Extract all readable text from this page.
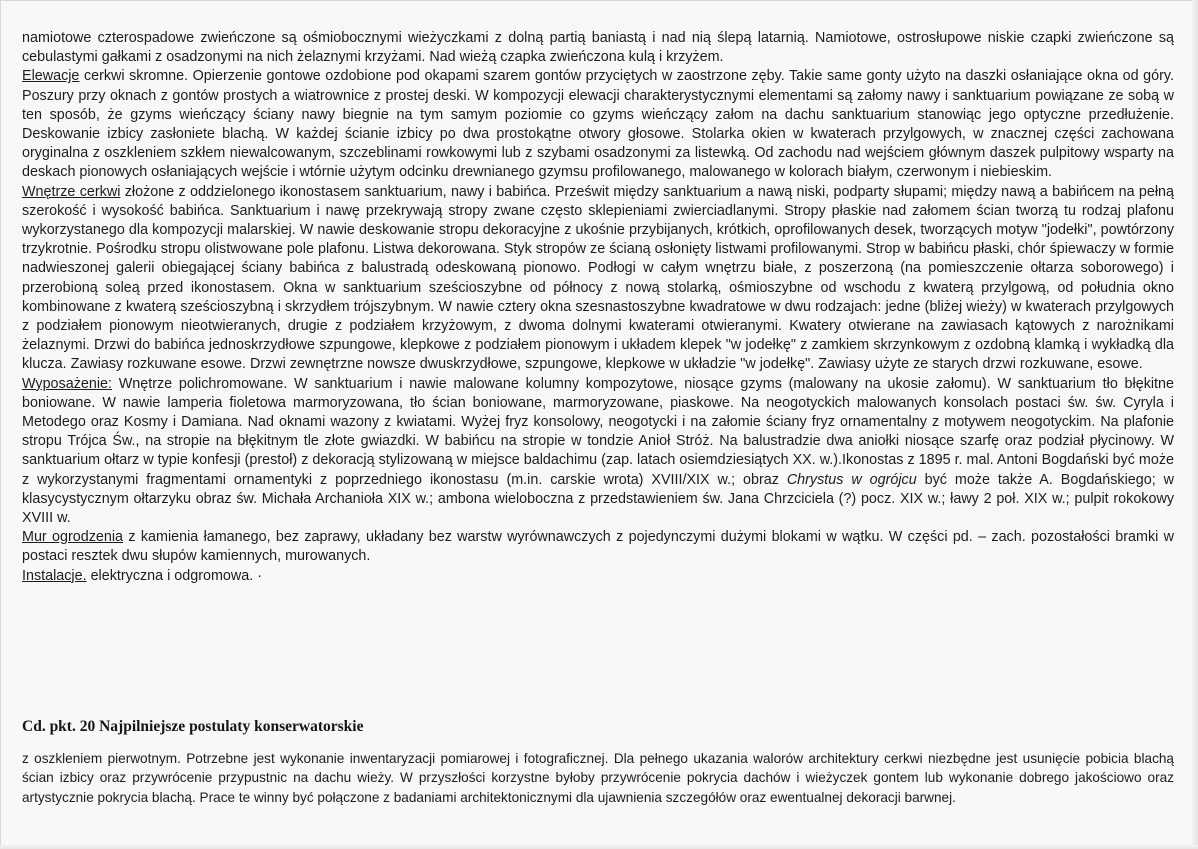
namiotowe czterospadowe zwieńczone są ośmiobocznymi wieżyczkami z dolną partią baniastą i nad nią ślepą latarnią. Namiotowe, ostrosłupowe niskie czapki zwieńczone są cebulastymi gałkami z osadzonymi na nich żelaznymi krzyżami. Nad wieżą czapka zwieńczona kulą i krzyżem.

Elewacje cerkwi skromne. Opierzenie gontowe ozdobione pod okapami szarem gontów przyciętych w zaostrzone zęby. Takie same gonty użyto na daszki osłaniające okna od góry. Poszury przy oknach z gontów prostych a wiatrownice z prostej deski. W kompozycji elewacji charakterystycznymi elementami są załomy nawy i sanktuarium powiązane ze sobą w ten sposób, że gzyms wieńczący ściany nawy biegnie na tym samym poziomie co gzyms wieńczący załom na dachu sanktuarium stanowiąc jego optyczne przedłużenie. Deskowanie izbicy zasłoniete blachą. W każdej ścianie izbicy po dwa prostokątne otwory głosowe. Stolarka okien w kwaterach przylgowych, w znacznej części zachowana oryginalna z oszkleniem szkłem niewalcowanym, szczeblinami rowkowymi lub z szybami osadzonymi za listewką. Od zachodu nad wejściem głównym daszek pulpitowy wsparty na deskach pionowych osłaniających wejście i wtórnie użytym odcinku drewnianego gzymsu profilowanego, malowanego w kolorach białym, czerwonym i niebieskim.

Wnętrze cerkwi złożone z oddzielonego ikonostasem sanktuarium, nawy i babińca. Prześwit między sanktuarium a nawą niski, podparty słupami; między nawą a babińcem na pełną szerokość i wysokość babińca. Sanktuarium i nawę przekrywają stropy zwane często sklepieniami zwierciadlanymi. Stropy płaskie nad załomem ścian tworzą tu rodzaj plafonu wykorzystanego dla kompozycji malarskiej. W nawie deskowanie stropu dekoracyjne z ukośnie przybijanych, krótkich, oprofilowanych desek, tworzących motyw "jodełki", powtórzony trzykrotnie. Pośrodku stropu olistwowane pole plafonu. Listwa dekorowana. Styk stropów ze ścianą osłonięty listwami profilowanymi. Strop w babińcu płaski, chór śpiewaczy w formie nadwieszonej galerii obiegającej ściany babińca z balustradą odeskowaną pionowo. Podłogi w całym wnętrzu białe, z poszerzoną (na pomieszczenie ołtarza soborowego) i przerobioną soleą przed ikonostasem. Okna w sanktuarium sześcioszybne od północy z nową stolarką, ośmioszybne od wschodu z kwaterą przylgową, od południa okno kombinowane z kwaterą sześcioszybną i skrzydłem trójszybnym. W nawie cztery okna szesnastoszybne kwadratowe w dwu rodzajach: jedne (bliżej wieży) w kwaterach przylgowych z podziałem pionowym nieotwieranych, drugie z podziałem krzyżowym, z dwoma dolnymi kwaterami otwieranymi. Kwatery otwierane na zawiasach kątowych z narożnikami żelaznymi. Drzwi do babińca jednoskrzydłowe szpungowe, klepkowe z podziałem pionowym i układem klepek "w jodełkę" z zamkiem skrzynkowym z ozdobną klamką i wykładką dla klucza. Zawiasy rozkuwane esowe. Drzwi zewnętrzne nowsze dwuskrzydłowe, szpungowe, klepkowe w układzie "w jodełkę". Zawiasy użyte ze starych drzwi rozkuwane, esowe.

Wyposażenie: Wnętrze polichromowane. W sanktuarium i nawie malowane kolumny kompozytowe, niosące gzyms (malowany na ukosie załomu). W sanktuarium tło błękitne boniowane. W nawie lamperia fioletowa marmoryzowana, tło ścian boniowane, marmoryzowane, piaskowe. Na neogotyckich malowanych konsolach postaci św. św. Cyryla i Metodego oraz Kosmy i Damiana. Nad oknami wazony z kwiatami. Wyżej fryz konsolowy, neogotycki i na załomie ściany fryz ornamentalny z motywem neogotyckim. Na plafonie stropu Trójca Św., na stropie na błękitnym tle złote gwiazdki. W babińcu na stropie w tondzie Anioł Stróż. Na balustradzie dwa aniołki niosące szarfę oraz podział płycinowy. W sanktuarium ołtarz w typie konfesji (prestoł) z dekoracją stylizowaną w miejsce baldachimu (zap. latach osiemdziesiątych XX. w.).Ikonostas z 1895 r. mal. Antoni Bogdański być może z wykorzystanymi fragmentami ornamentyki z poprzedniego ikonostasu (m.in. carskie wrota) XVIII/XIX w.; obraz Chrystus w ogrójcu być może także A. Bogdańskiego; w klasycystycznym ołtarzyku obraz św. Michała Archanioła XIX w.; ambona wieloboczna z przedstawieniem św. Jana Chrzciciela (?) pocz. XIX w.; ławy 2 poł. XIX w.; pulpit rokokowy XVIII w.

Mur ogrodzenia z kamienia łamanego, bez zaprawy, układany bez warstw wyrównawczych z pojedynczymi dużymi blokami w wątku. W części pd. – zach. pozostałości bramki w postaci resztek dwu słupów kamiennych, murowanych.

Instalacje. elektryczna i odgromowa. ·

Cd. pkt. 20 Najpilniejsze postulaty konserwatorskie

z oszkleniem pierwotnym. Potrzebne jest wykonanie inwentaryzacji pomiarowej i fotograficznej. Dla pełnego ukazania walorów architektury cerkwi niezbędne jest usunięcie pobicia blachą ścian izbicy oraz przywrócenie przypustnic na dachu wieży. W przyszłości korzystne byłoby przywrócenie pokrycia dachów i wieżyczek gontem lub wykonanie dobrego jakościowo oraz artystycznie pokrycia blachą. Prace te winny być połączone z badaniami architektonicznymi dla ujawnienia szczegółów oraz ewentualnej dekoracji barwnej.
